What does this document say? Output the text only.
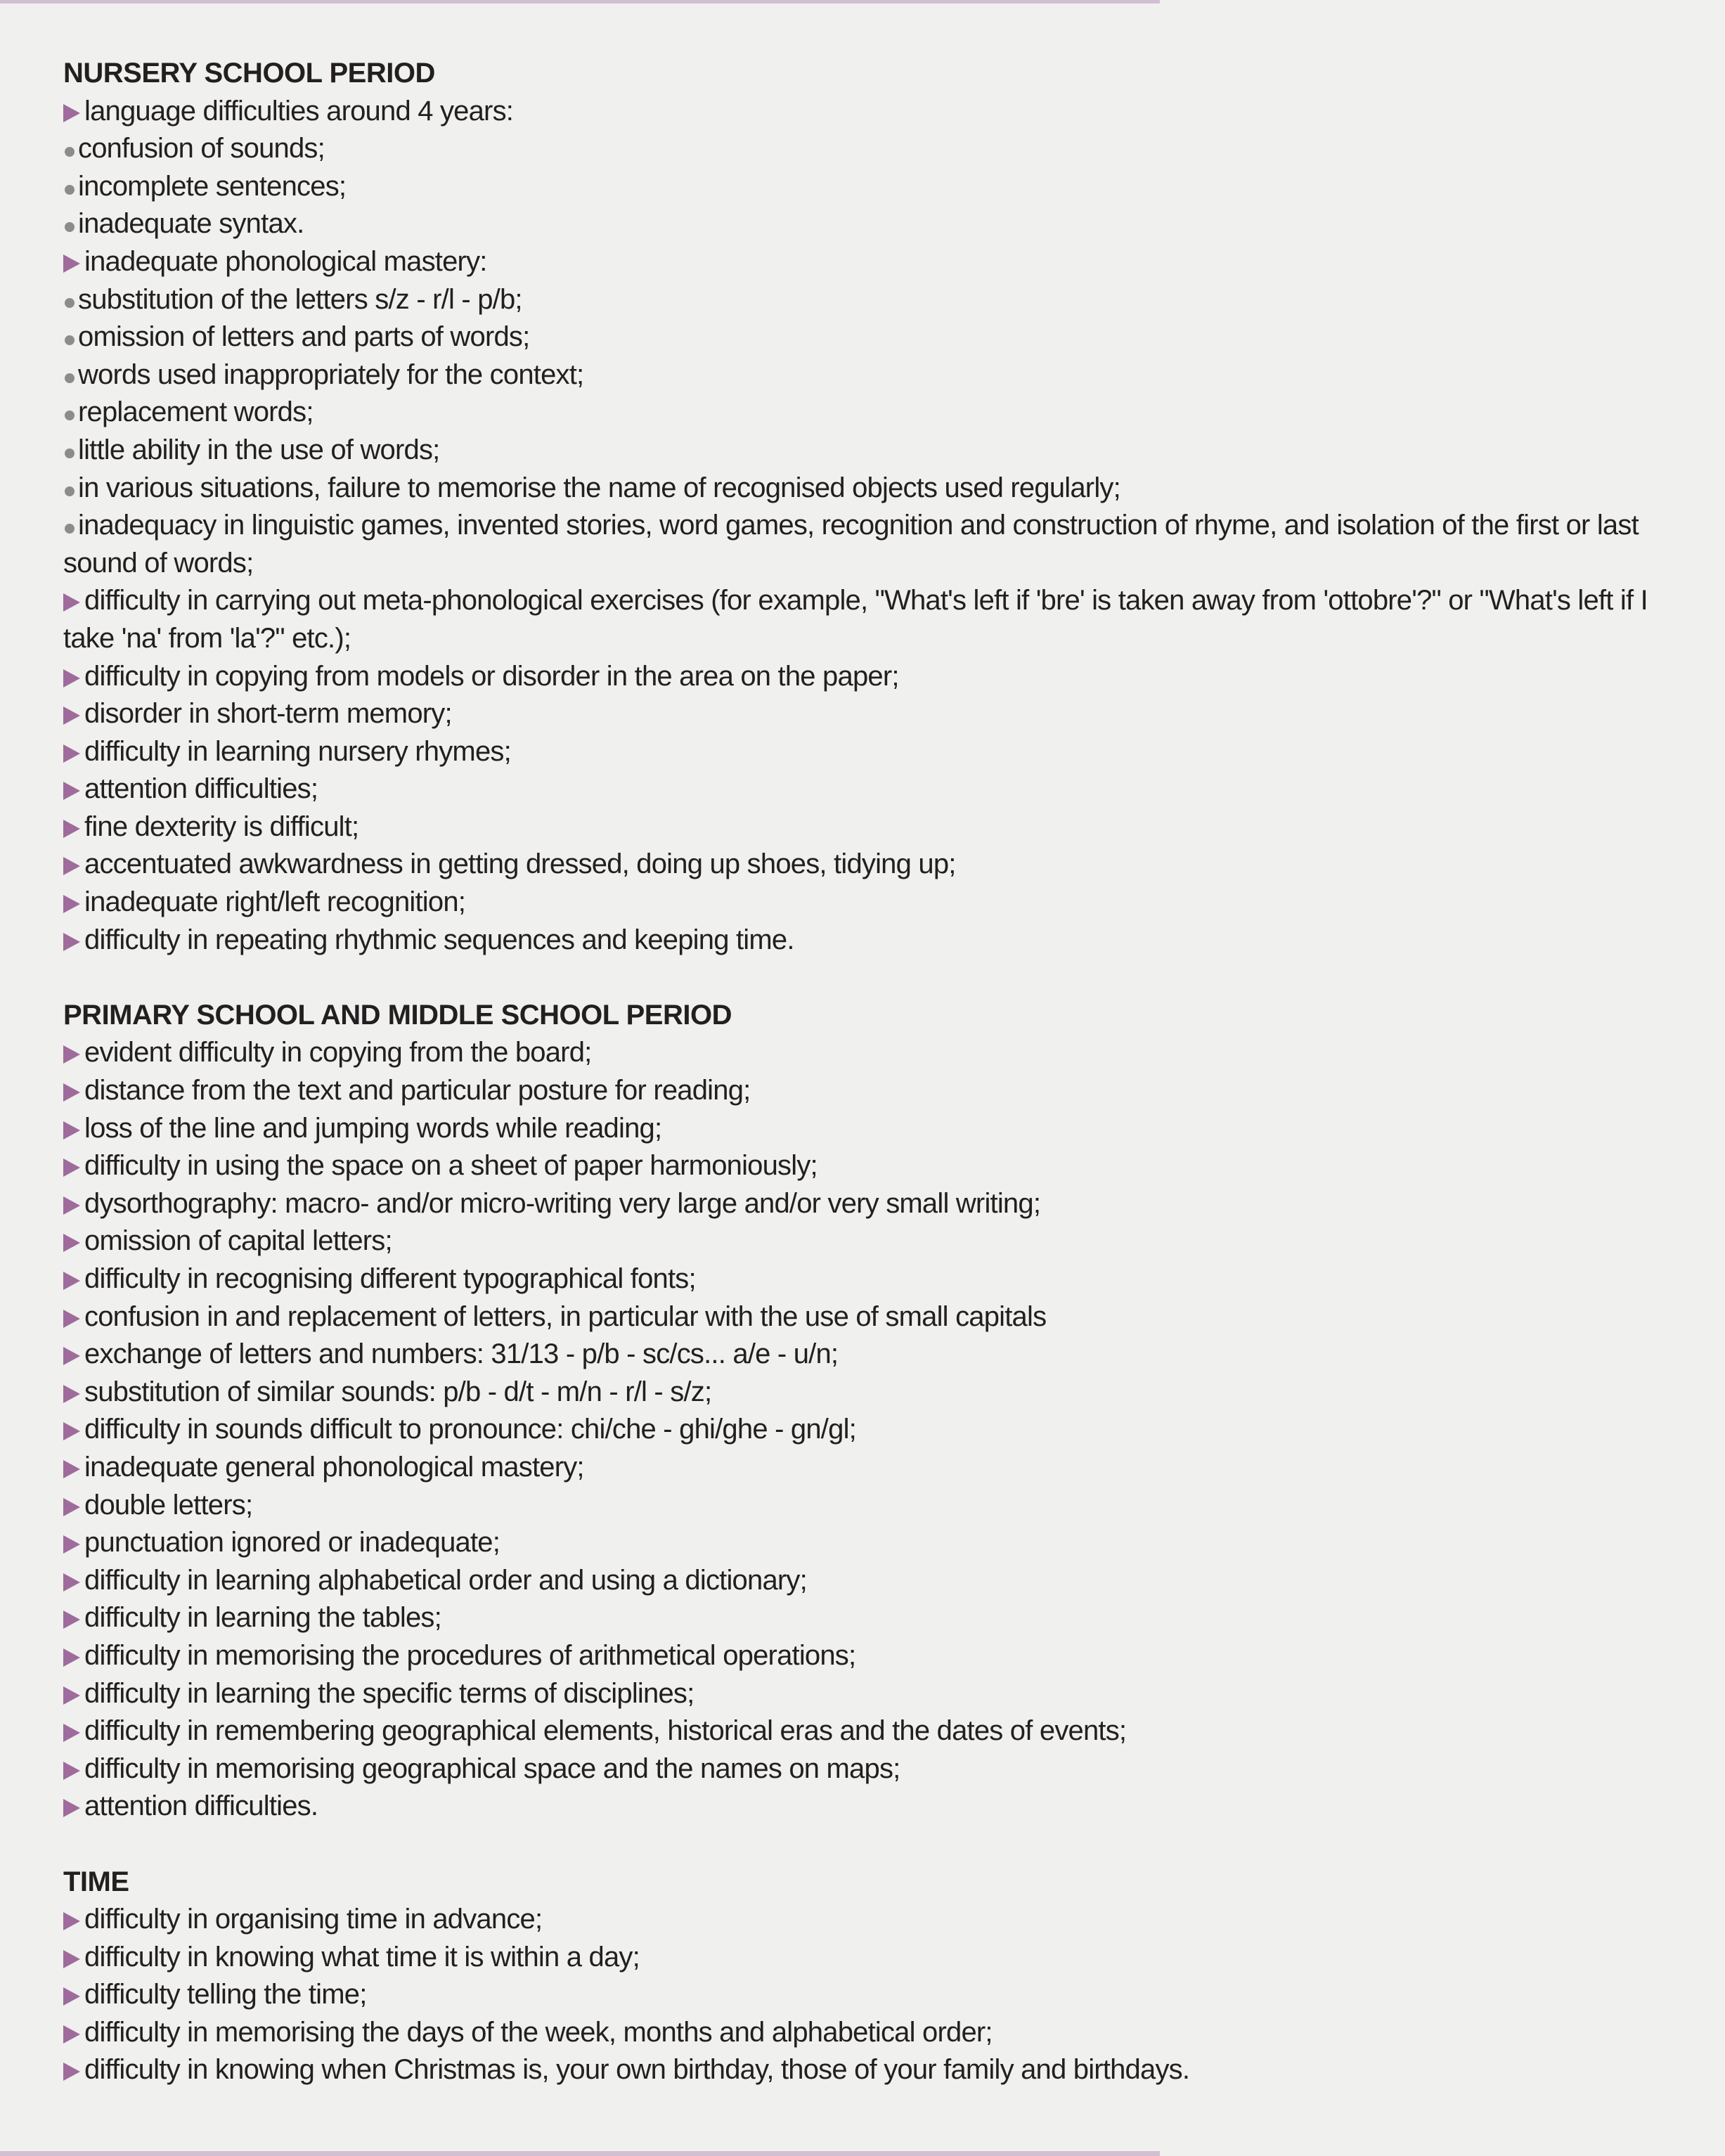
NURSERY SCHOOL PERIOD
language difficulties around 4 years:
confusion of sounds;
incomplete sentences;
inadequate syntax.
inadequate phonological mastery:
substitution of the letters s/z - r/l - p/b;
omission of letters and parts of words;
words used inappropriately for the context;
replacement words;
little ability in the use of words;
in various situations, failure to memorise the name of recognised objects used regularly;
inadequacy in linguistic games, invented stories, word games, recognition and construction of rhyme, and isolation of the first or last sound of words;
difficulty in carrying out meta-phonological exercises (for example, "What's left if 'bre' is taken away from 'ottobre'?" or "What's left if I take 'na' from 'la'?" etc.);
difficulty in copying from models or disorder in the area on the paper;
disorder in short-term memory;
difficulty in learning nursery rhymes;
attention difficulties;
fine dexterity is difficult;
accentuated awkwardness in getting dressed, doing up shoes, tidying up;
inadequate right/left recognition;
difficulty in repeating rhythmic sequences and keeping time.
PRIMARY SCHOOL AND MIDDLE SCHOOL PERIOD
evident difficulty in copying from the board;
distance from the text and particular posture for reading;
loss of the line and jumping words while reading;
difficulty in using the space on a sheet of paper harmoniously;
dysorthography: macro- and/or micro-writing very large and/or very small writing;
omission of capital letters;
difficulty in recognising different typographical fonts;
confusion in and replacement of letters, in particular with the use of small capitals
exchange of letters and numbers: 31/13 - p/b - sc/cs... a/e - u/n;
substitution of similar sounds: p/b - d/t - m/n - r/l - s/z;
difficulty in sounds difficult to pronounce: chi/che - ghi/ghe - gn/gl;
inadequate general phonological mastery;
double letters;
punctuation ignored or inadequate;
difficulty in learning alphabetical order and using a dictionary;
difficulty in learning the tables;
difficulty in memorising the procedures of arithmetical operations;
difficulty in learning the specific terms of disciplines;
difficulty in remembering geographical elements, historical eras and the dates of events;
difficulty in memorising geographical space and the names on maps;
attention difficulties.
TIME
difficulty in organising time in advance;
difficulty in knowing what time it is within a day;
difficulty telling the time;
difficulty in memorising the days of the week, months and alphabetical order;
difficulty in knowing when Christmas is, your own birthday, those of your family and birthdays.
